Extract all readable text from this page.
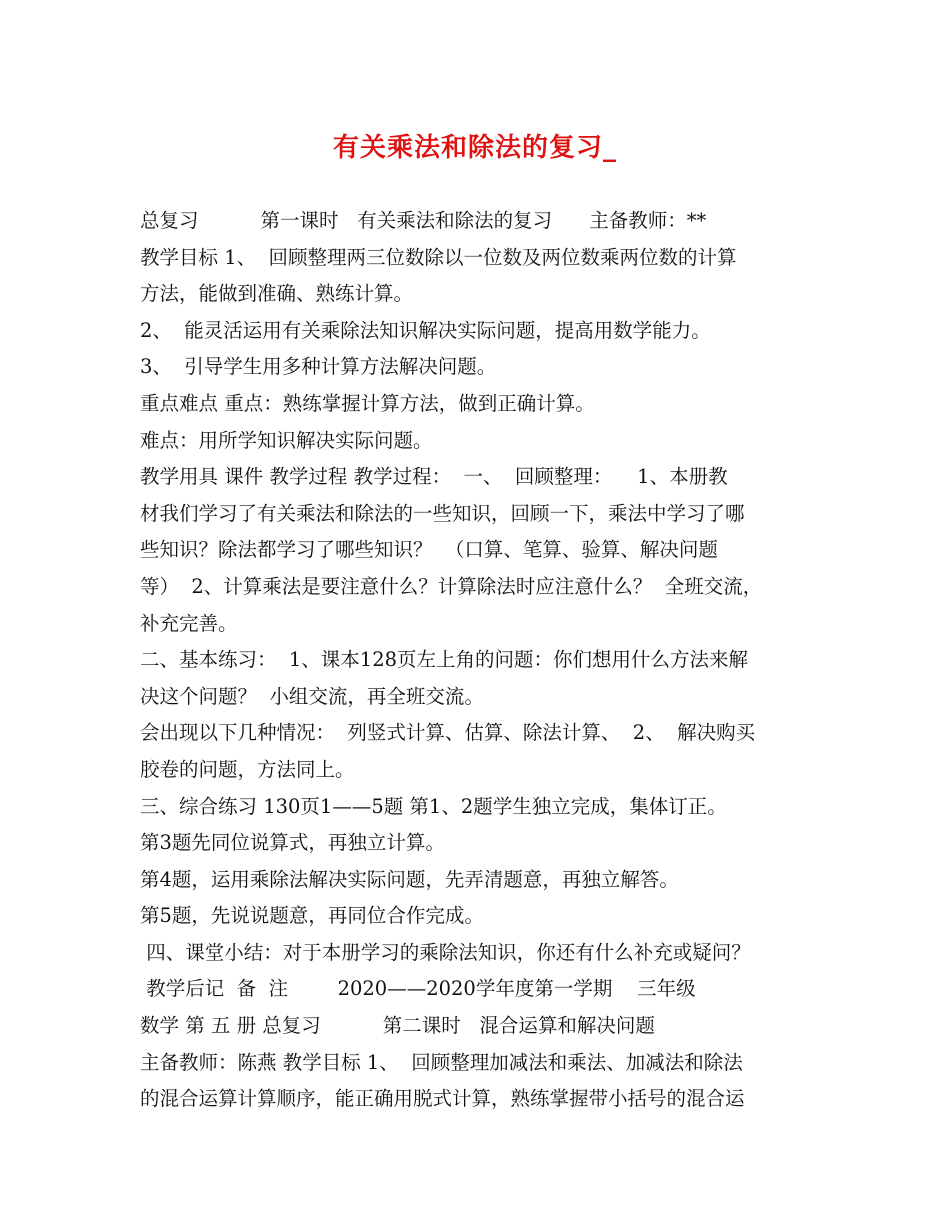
有关乘法和除法的复习_
总复习          第一课时   有关乘法和除法的复习      主备教师：**
教学目标 1、  回顾整理两三位数除以一位数及两位数乘两位数的计算
方法，能做到准确、熟练计算。
2、  能灵活运用有关乘除法知识解决实际问题，提高用数学能力。
3、  引导学生用多种计算方法解决问题。
重点难点 重点：熟练掌握计算方法，做到正确计算。
难点：用所学知识解决实际问题。
教学用具 课件 教学过程 教学过程：  一、  回顾整理：    1、本册教
材我们学习了有关乘法和除法的一些知识，回顾一下，乘法中学习了哪
些知识？除法都学习了哪些知识？  （口算、笔算、验算、解决问题
等）  2、计算乘法是要注意什么？计算除法时应注意什么？  全班交流，
补充完善。
二、基本练习：  1、课本128页左上角的问题：你们想用什么方法来解
决这个问题？  小组交流，再全班交流。
会出现以下几种情况：  列竖式计算、估算、除法计算、  2、  解决购买
胶卷的问题，方法同上。
三、综合练习 130页1——5题 第1、2题学生独立完成，集体订正。
第3题先同位说算式，再独立计算。
第4题，运用乘除法解决实际问题，先弄清题意，再独立解答。
第5题，先说说题意，再同位合作完成。
四、课堂小结：对于本册学习的乘除法知识，你还有什么补充或疑问？
教学后记  备  注        2020——2020学年度第一学期    三年级
数学 第 五 册 总复习          第二课时   混合运算和解决问题
主备教师：陈燕 教学目标 1、  回顾整理加减法和乘法、加减法和除法
的混合运算计算顺序，能正确用脱式计算，熟练掌握带小括号的混合运
